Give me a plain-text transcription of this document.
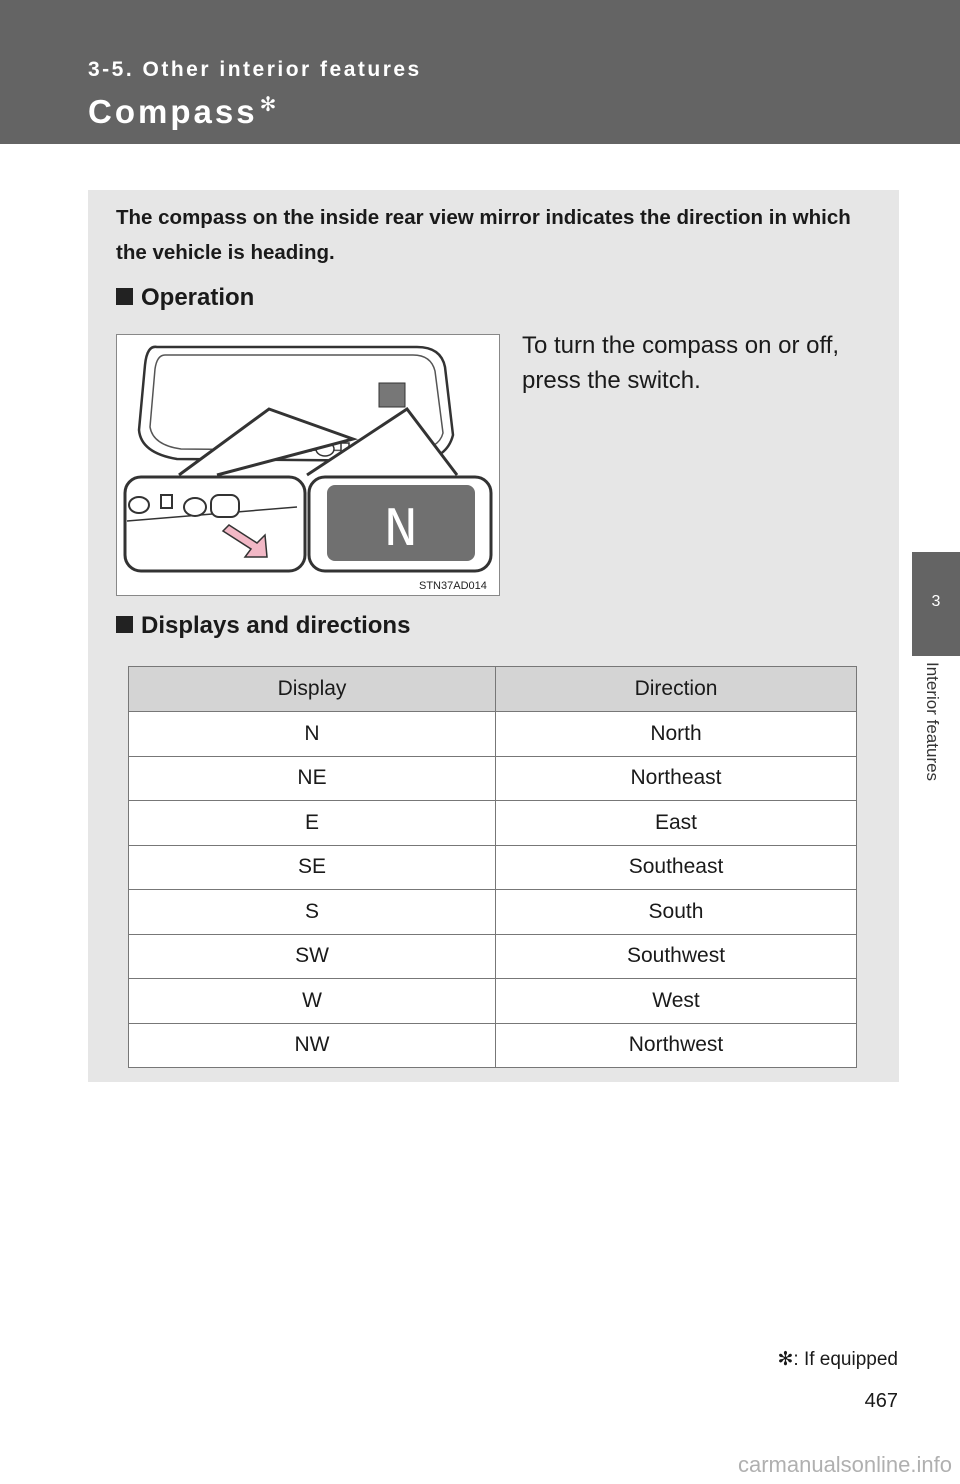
3-5. Other interior features
Compass ✻
3
Interior features
The compass on the inside rear view mirror indicates the direction in which the vehicle is heading.
Operation
N
STN37AD014
To turn the compass on or off, press the switch.
Displays and directions
Display	Direction
N	North
NE	Northeast
E	East
SE	Southeast
S	South
SW	Southwest
W	West
NW	Northwest
✻: If equipped
467
carmanualsonline.info
